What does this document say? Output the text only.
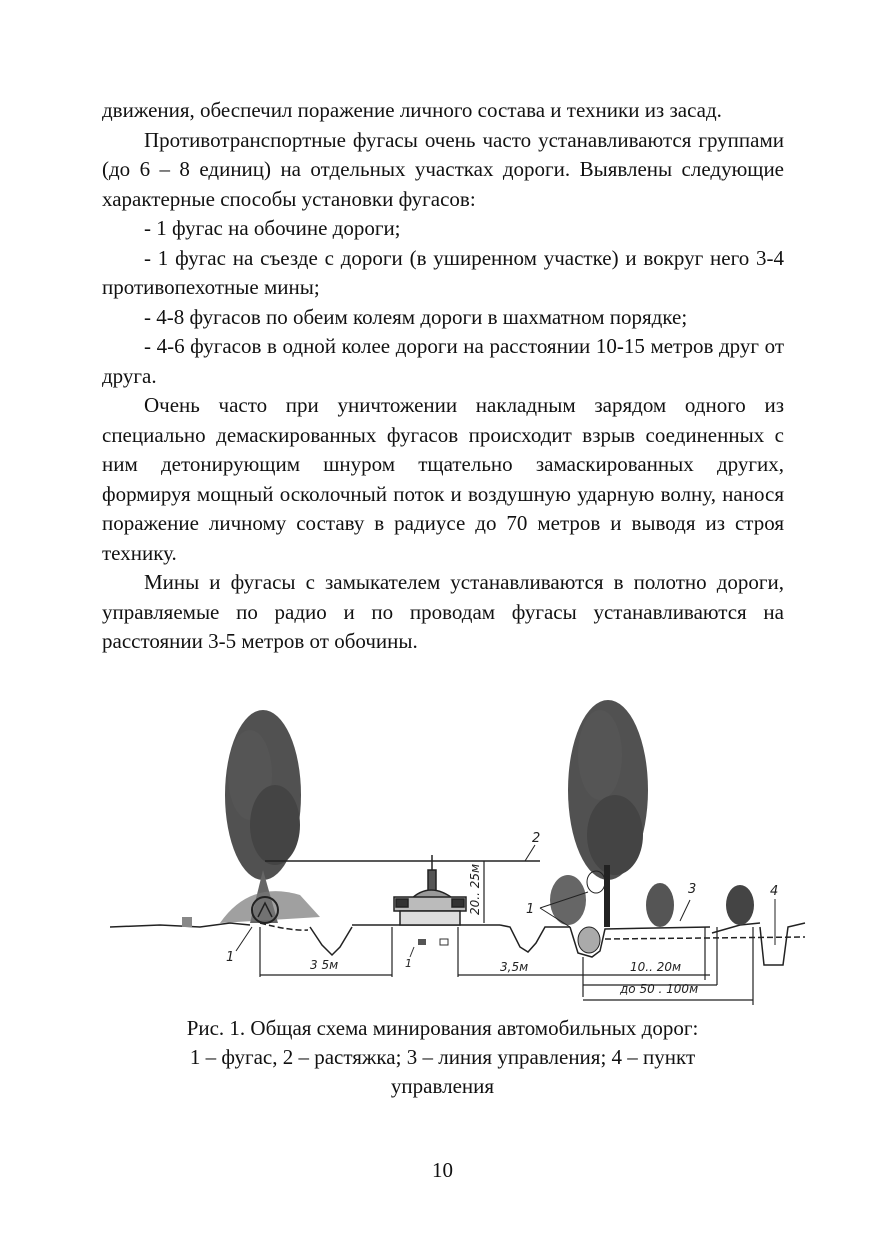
движения, обеспечил поражение личного состава и техники из засад.

Противотранспортные фугасы очень часто устанавливаются группами (до 6 – 8 единиц) на отдельных участках дороги. Выявлены следующие характерные способы установки фугасов:

- 1 фугас на обочине дороги;

- 1 фугас на съезде с дороги (в уширенном участке) и вокруг него 3-4 противопехотные мины;

- 4-8 фугасов по обеим колеям дороги в шахматном порядке;

- 4-6 фугасов в одной колее дороги на расстоянии 10-15 метров друг от друга.

Очень часто при уничтожении накладным зарядом одного из специально демаскированных фугасов происходит взрыв соединенных с ним детонирующим шнуром тщательно замаскированных других, формируя мощный осколочный поток и воздушную ударную волну, нанося поражение личному составу в радиусе до 70 метров и выводя из строя технику.

Мины и фугасы с замыкателем устанавливаются в полотно дороги, управляемые по радио и по проводам фугасы устанавливаются на расстоянии 3-5 метров от обочины.

2
1
20.. 25м	1
1
3	4
3 5м	3,5м	10.. 20м
до 50 . 100м
Рис. 1. Общая схема минирования автомобильных дорог:
1 – фугас, 2 – растяжка; 3 – линия управления; 4 – пункт
управления
10
